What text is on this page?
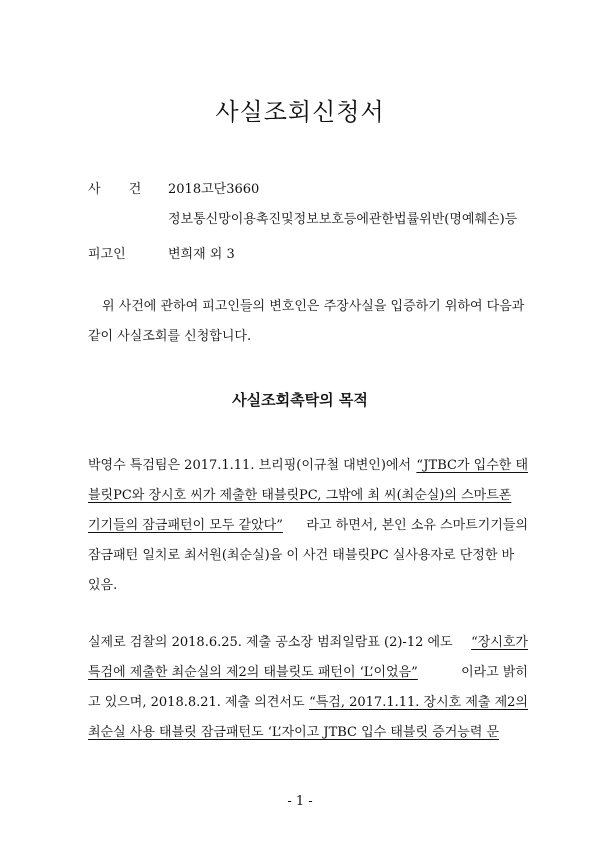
사실조회신청서
사 건 2018고단3660
정보통신망이용촉진및정보보호등에관한법률위반(명예훼손)등
피고인	변희재 외 3
위 사건에 관하여 피고인들의 변호인은 주장사실을 입증하기 위하여 다음과 같이 사실조회를 신청합니다.
사실조회촉탁의 목적
박영수 특검팀은 2017.1.11. 브리핑(이규철 대변인)에서 “JTBC가 입수한 태
블릿PC와 장시호 씨가 제출한 태블릿PC, 그밖에 최 씨(최순실)의 스마트폰
기기들의 잠금패턴이 모두 같았다” 라고 하면서, 본인 소유 스마트기기들의
잠금패턴 일치로 최서원(최순실)을 이 사건 태블릿PC 실사용자로 단정한 바
있음.
실제로 검찰의 2018.6.25. 제출 공소장 범죄일람표 (2)-12 에도 “장시호가
특검에 제출한 최순실의 제2의 태블릿도 패턴이 ‘L’이었음”	이라고 밝히
고 있으며, 2018.8.21. 제출 의견서도 “특검, 2017.1.11. 장시호 제출 제2의
최순실 사용 태블릿 잠금패턴도 ‘L’자이고 JTBC 입수 태블릿 증거능력 문
- 1 -
